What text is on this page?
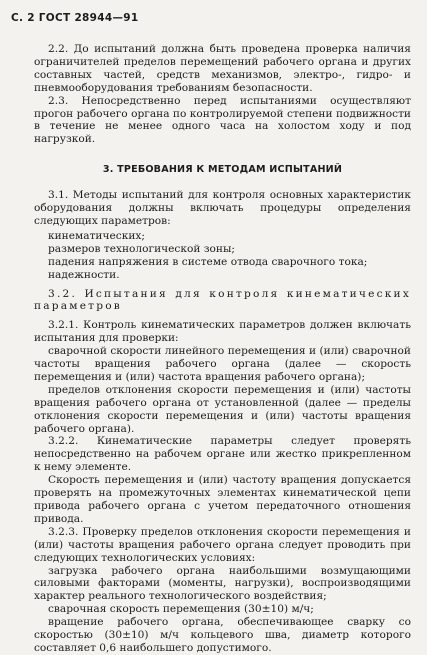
С. 2 ГОСТ 28944—91

2.2. До испытаний должна быть проведена проверка наличия ограничителей пределов перемещений рабочего органа и других составных частей, средств механизмов, электро-, гидро- и пневмооборудования требованиям безопасности.

2.3. Непосредственно перед испытаниями осуществляют прогон рабочего органа по контролируемой степени подвижности в течение не менее одного часа на холостом ходу и под нагрузкой.

3. ТРЕБОВАНИЯ К МЕТОДАМ ИСПЫТАНИЙ

3.1. Методы испытаний для контроля основных характеристик оборудования должны включать процедуры определения следующих параметров:

кинематических;
размеров технологической зоны;
падения напряжения в системе отвода сварочного тока;
надежности.

3.2. Испытания для контроля кинематических параметров

3.2.1. Контроль кинематических параметров должен включать испытания для проверки:

сварочной скорости линейного перемещения и (или) сварочной частоты вращения рабочего органа (далее — скорость перемещения и (или) частота вращения рабочего органа);

пределов отклонения скорости перемещения и (или) частоты вращения рабочего органа от установленной (далее — пределы отклонения скорости перемещения и (или) частоты вращения рабочего органа).

3.2.2. Кинематические параметры следует проверять непосредственно на рабочем органе или жестко прикрепленном к нему элементе.

Скорость перемещения и (или) частоту вращения допускается проверять на промежуточных элементах кинематической цепи привода рабочего органа с учетом передаточного отношения привода.

3.2.3. Проверку пределов отклонения скорости перемещения и (или) частоты вращения рабочего органа следует проводить при следующих технологических условиях:

загрузка рабочего органа наибольшими возмущающими силовыми факторами (моменты, нагрузки), воспроизводящими характер реального технологического воздействия;

сварочная скорость перемещения (30±10) м/ч;

вращение рабочего органа, обеспечивающее сварку со скоростью (30±10) м/ч кольцевого шва, диаметр которого составляет 0,6 наибольшего допустимого.
